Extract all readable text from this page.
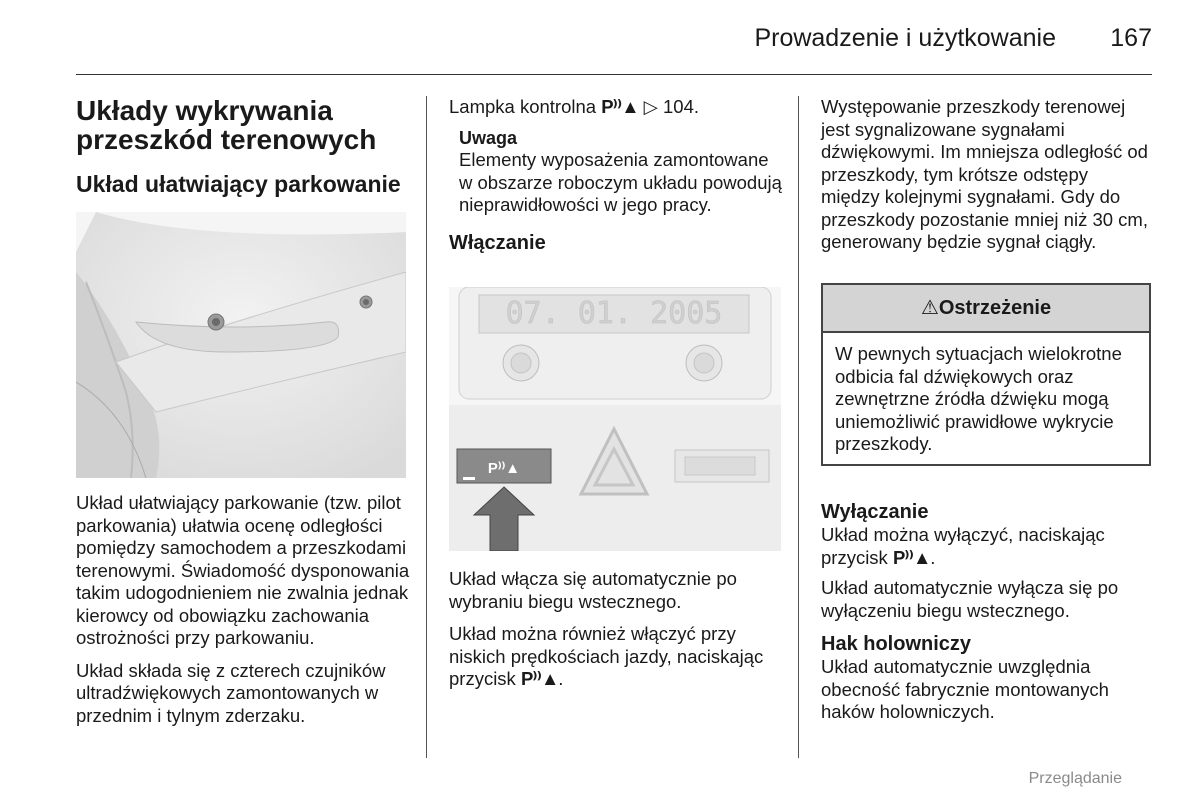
Prowadzenie i użytkowanie 167
Układy wykrywania przeszkód terenowych
Układ ułatwiający parkowanie

Układ ułatwiający parkowanie (tzw. pilot parkowania) ułatwia ocenę odległości pomiędzy samochodem a przeszkodami terenowymi. Świadomość dysponowania takim udogodnieniem nie zwalnia jednak kierowcy od obowiązku zachowania ostrożności przy parkowaniu.

Układ składa się z czterech czujników ultradźwiękowych zamontowanych w przednim i tylnym zderzaku.

Lampka kontrolna P⁾⁾▲ ▷ 104.

Uwaga
Elementy wyposażenia zamontowane w obszarze roboczym układu powodują nieprawidłowości w jego pracy.
Włączanie
07. 01. 2005
P⁾⁾▲

Układ włącza się automatycznie po wybraniu biegu wstecznego.

Układ można również włączyć przy niskich prędkościach jazdy, naciskając przycisk P⁾⁾▲.

Występowanie przeszkody terenowej jest sygnalizowane sygnałami dźwiękowymi. Im mniejsza odległość od przeszkody, tym krótsze odstępy między kolejnymi sygnałami. Gdy do przeszkody pozostanie mniej niż 30 cm, generowany będzie sygnał ciągły.

⚠Ostrzeżenie
W pewnych sytuacjach wielokrotne odbicia fal dźwiękowych oraz zewnętrzne źródła dźwięku mogą uniemożliwić prawidłowe wykrycie przeszkody.
Wyłączanie

Układ można wyłączyć, naciskając przycisk P⁾⁾▲.

Układ automatycznie wyłącza się po wyłączeniu biegu wstecznego.

Hak holowniczy

Układ automatycznie uwzględnia obecność fabrycznie montowanych haków holowniczych.

Przeglądanie
